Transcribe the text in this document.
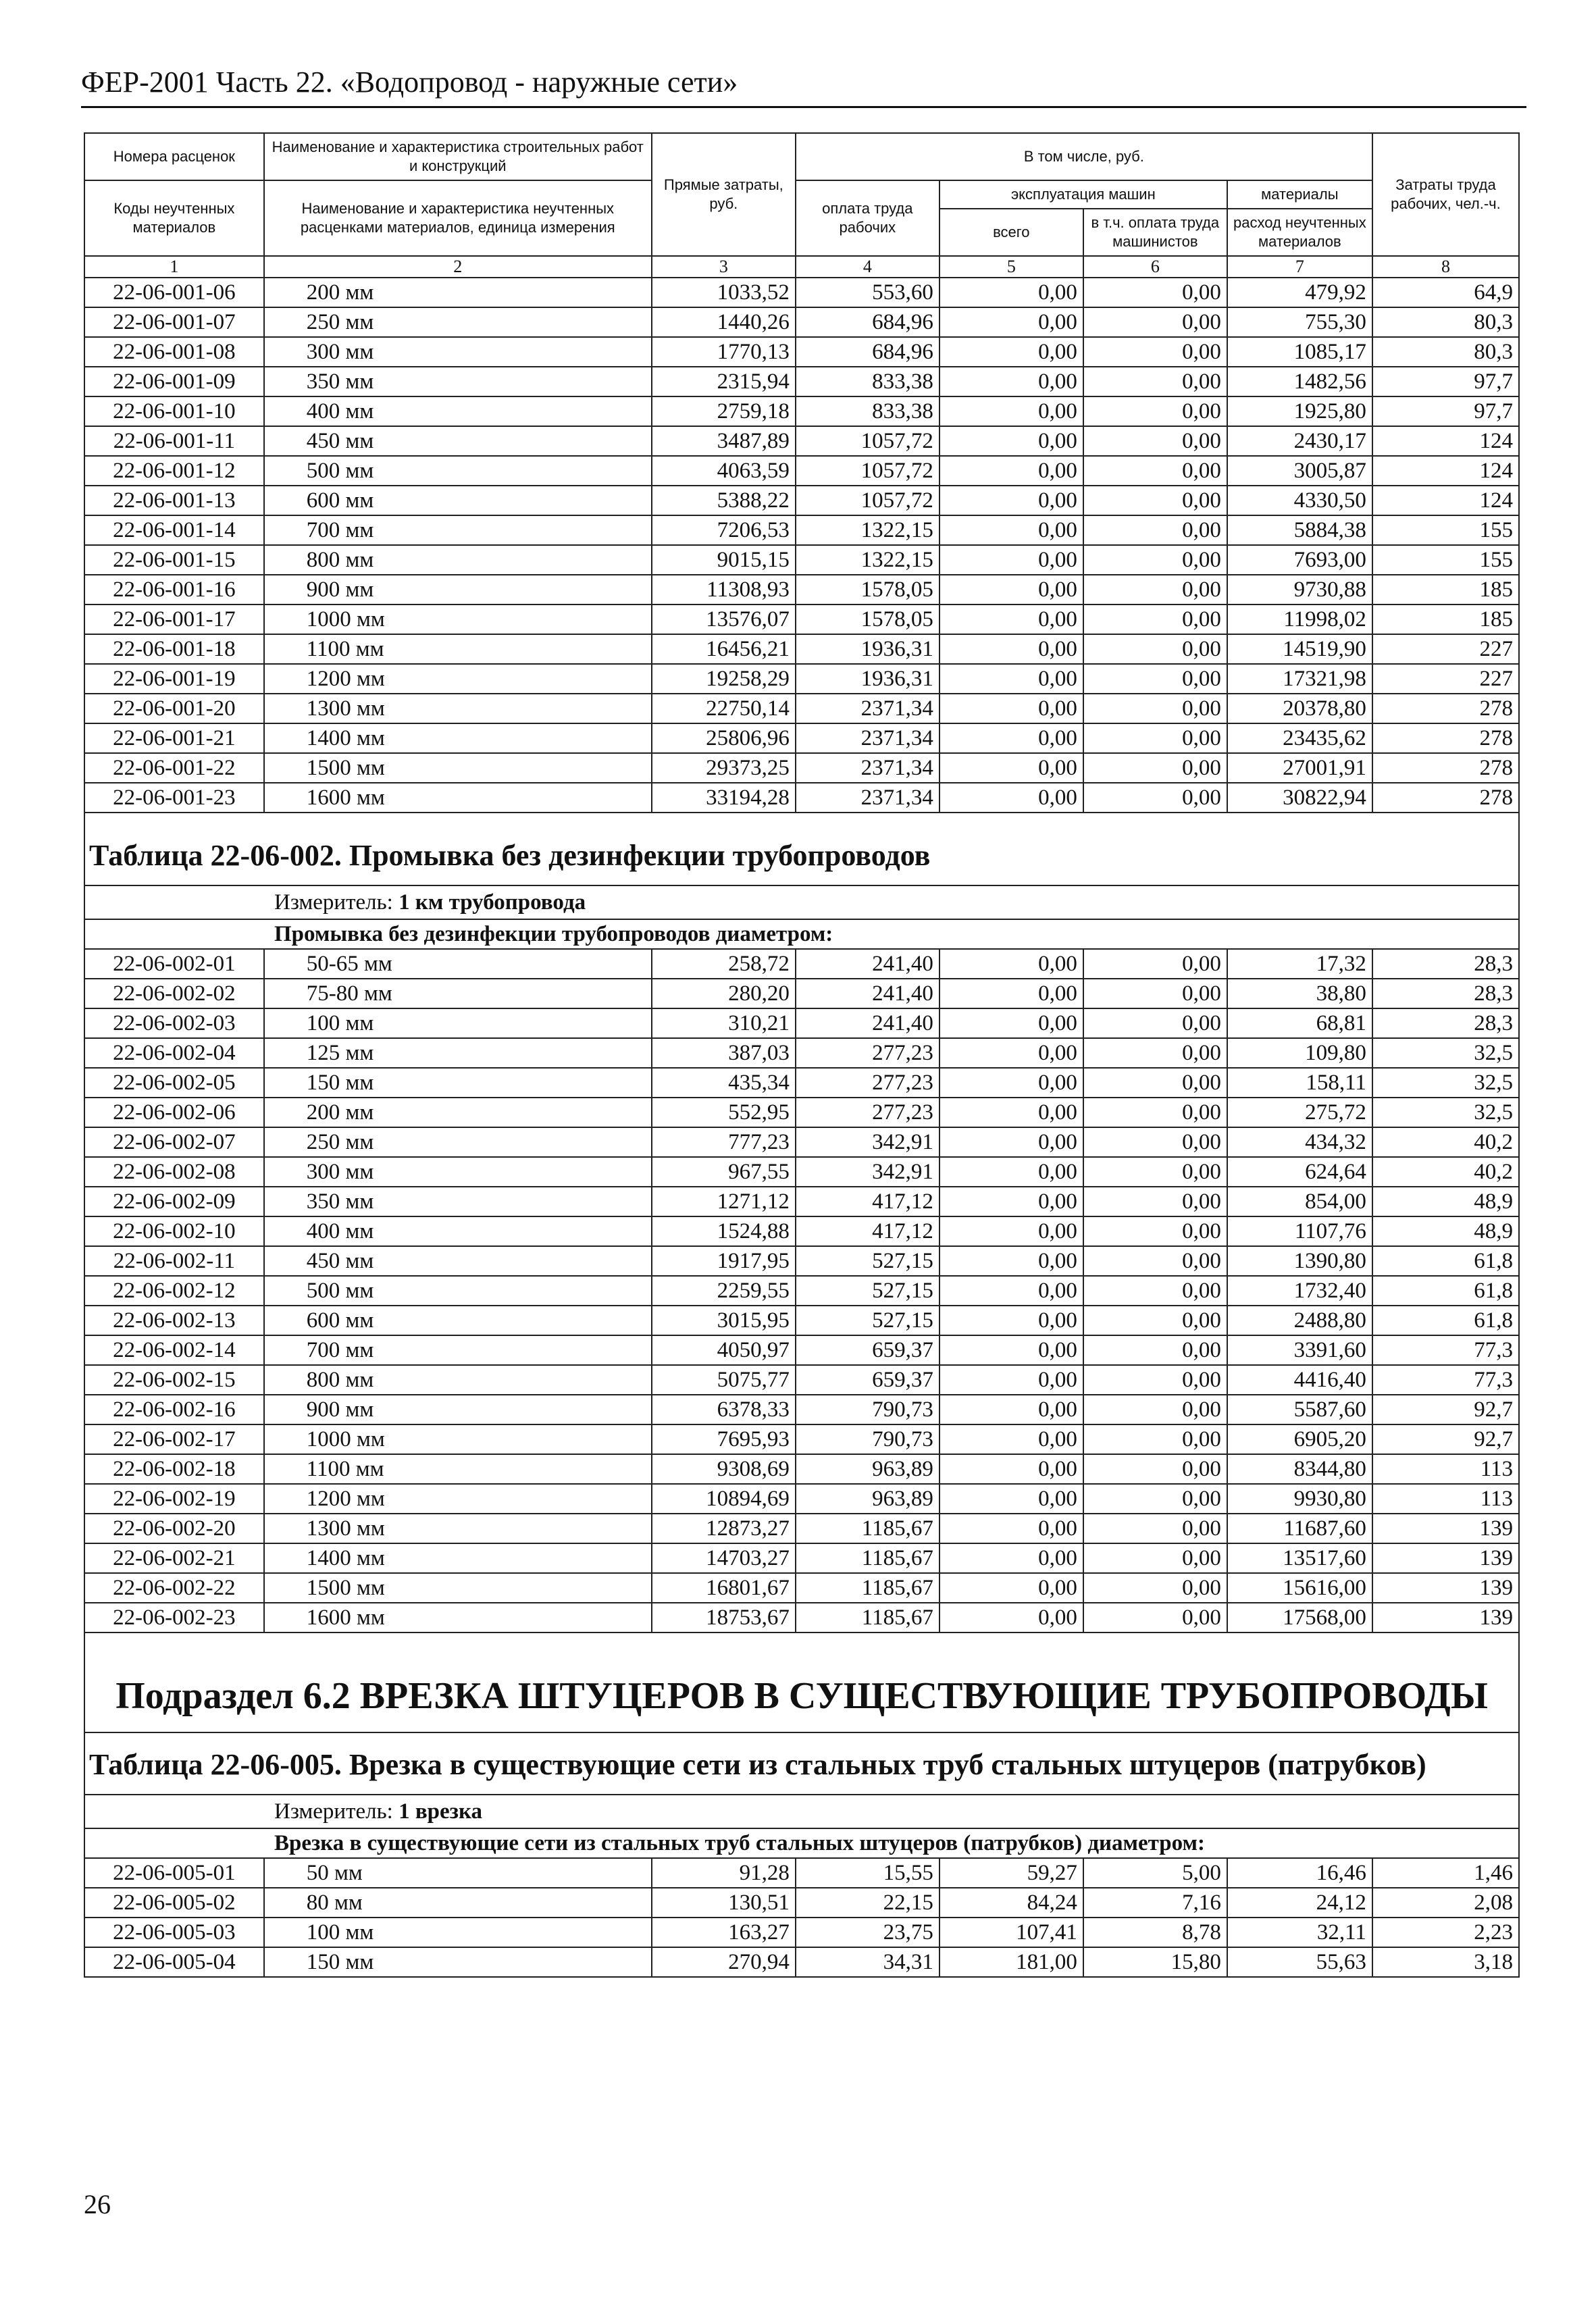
ФЕР-2001 Часть 22. «Водопровод - наружные сети»
Номера расценок	Наименование и характеристика строительных работ и конструкций	Прямые затраты, руб.	В том числе, руб.				Затраты труда рабочих, чел.-ч.
Коды неучтенных материалов	Наименование и характеристика неучтенных расценками материалов, единица измерения		оплата труда рабочих	эксплуатация машин		материалы	
				всего	в т.ч. оплата труда машинистов	расход неучтенных материалов	
1	2	3	4	5	6	7	8
22-06-001-06	200 мм	1033,52	553,60	0,00	0,00	479,92	64,9
22-06-001-07	250 мм	1440,26	684,96	0,00	0,00	755,30	80,3
22-06-001-08	300 мм	1770,13	684,96	0,00	0,00	1085,17	80,3
22-06-001-09	350 мм	2315,94	833,38	0,00	0,00	1482,56	97,7
22-06-001-10	400 мм	2759,18	833,38	0,00	0,00	1925,80	97,7
22-06-001-11	450 мм	3487,89	1057,72	0,00	0,00	2430,17	124
22-06-001-12	500 мм	4063,59	1057,72	0,00	0,00	3005,87	124
22-06-001-13	600 мм	5388,22	1057,72	0,00	0,00	4330,50	124
22-06-001-14	700 мм	7206,53	1322,15	0,00	0,00	5884,38	155
22-06-001-15	800 мм	9015,15	1322,15	0,00	0,00	7693,00	155
22-06-001-16	900 мм	11308,93	1578,05	0,00	0,00	9730,88	185
22-06-001-17	1000 мм	13576,07	1578,05	0,00	0,00	11998,02	185
22-06-001-18	1100 мм	16456,21	1936,31	0,00	0,00	14519,90	227
22-06-001-19	1200 мм	19258,29	1936,31	0,00	0,00	17321,98	227
22-06-001-20	1300 мм	22750,14	2371,34	0,00	0,00	20378,80	278
22-06-001-21	1400 мм	25806,96	2371,34	0,00	0,00	23435,62	278
22-06-001-22	1500 мм	29373,25	2371,34	0,00	0,00	27001,91	278
22-06-001-23	1600 мм	33194,28	2371,34	0,00	0,00	30822,94	278
Таблица 22-06-002. Промывка без дезинфекции трубопроводов							
Измеритель: 1 км трубопровода							
Промывка без дезинфекции трубопроводов диаметром:							
22-06-002-01	50-65 мм	258,72	241,40	0,00	0,00	17,32	28,3
22-06-002-02	75-80 мм	280,20	241,40	0,00	0,00	38,80	28,3
22-06-002-03	100 мм	310,21	241,40	0,00	0,00	68,81	28,3
22-06-002-04	125 мм	387,03	277,23	0,00	0,00	109,80	32,5
22-06-002-05	150 мм	435,34	277,23	0,00	0,00	158,11	32,5
22-06-002-06	200 мм	552,95	277,23	0,00	0,00	275,72	32,5
22-06-002-07	250 мм	777,23	342,91	0,00	0,00	434,32	40,2
22-06-002-08	300 мм	967,55	342,91	0,00	0,00	624,64	40,2
22-06-002-09	350 мм	1271,12	417,12	0,00	0,00	854,00	48,9
22-06-002-10	400 мм	1524,88	417,12	0,00	0,00	1107,76	48,9
22-06-002-11	450 мм	1917,95	527,15	0,00	0,00	1390,80	61,8
22-06-002-12	500 мм	2259,55	527,15	0,00	0,00	1732,40	61,8
22-06-002-13	600 мм	3015,95	527,15	0,00	0,00	2488,80	61,8
22-06-002-14	700 мм	4050,97	659,37	0,00	0,00	3391,60	77,3
22-06-002-15	800 мм	5075,77	659,37	0,00	0,00	4416,40	77,3
22-06-002-16	900 мм	6378,33	790,73	0,00	0,00	5587,60	92,7
22-06-002-17	1000 мм	7695,93	790,73	0,00	0,00	6905,20	92,7
22-06-002-18	1100 мм	9308,69	963,89	0,00	0,00	8344,80	113
22-06-002-19	1200 мм	10894,69	963,89	0,00	0,00	9930,80	113
22-06-002-20	1300 мм	12873,27	1185,67	0,00	0,00	11687,60	139
22-06-002-21	1400 мм	14703,27	1185,67	0,00	0,00	13517,60	139
22-06-002-22	1500 мм	16801,67	1185,67	0,00	0,00	15616,00	139
22-06-002-23	1600 мм	18753,67	1185,67	0,00	0,00	17568,00	139
Подраздел 6.2 ВРЕЗКА ШТУЦЕРОВ В СУЩЕСТВУЮЩИЕ ТРУБОПРОВОДЫ							
Таблица 22-06-005. Врезка в существующие сети из стальных труб стальных штуцеров (патрубков)							
Измеритель: 1 врезка							
Врезка в существующие сети из стальных труб стальных штуцеров (патрубков) диаметром:							
22-06-005-01	50 мм	91,28	15,55	59,27	5,00	16,46	1,46
22-06-005-02	80 мм	130,51	22,15	84,24	7,16	24,12	2,08
22-06-005-03	100 мм	163,27	23,75	107,41	8,78	32,11	2,23
22-06-005-04	150 мм	270,94	34,31	181,00	15,80	55,63	3,18
26
